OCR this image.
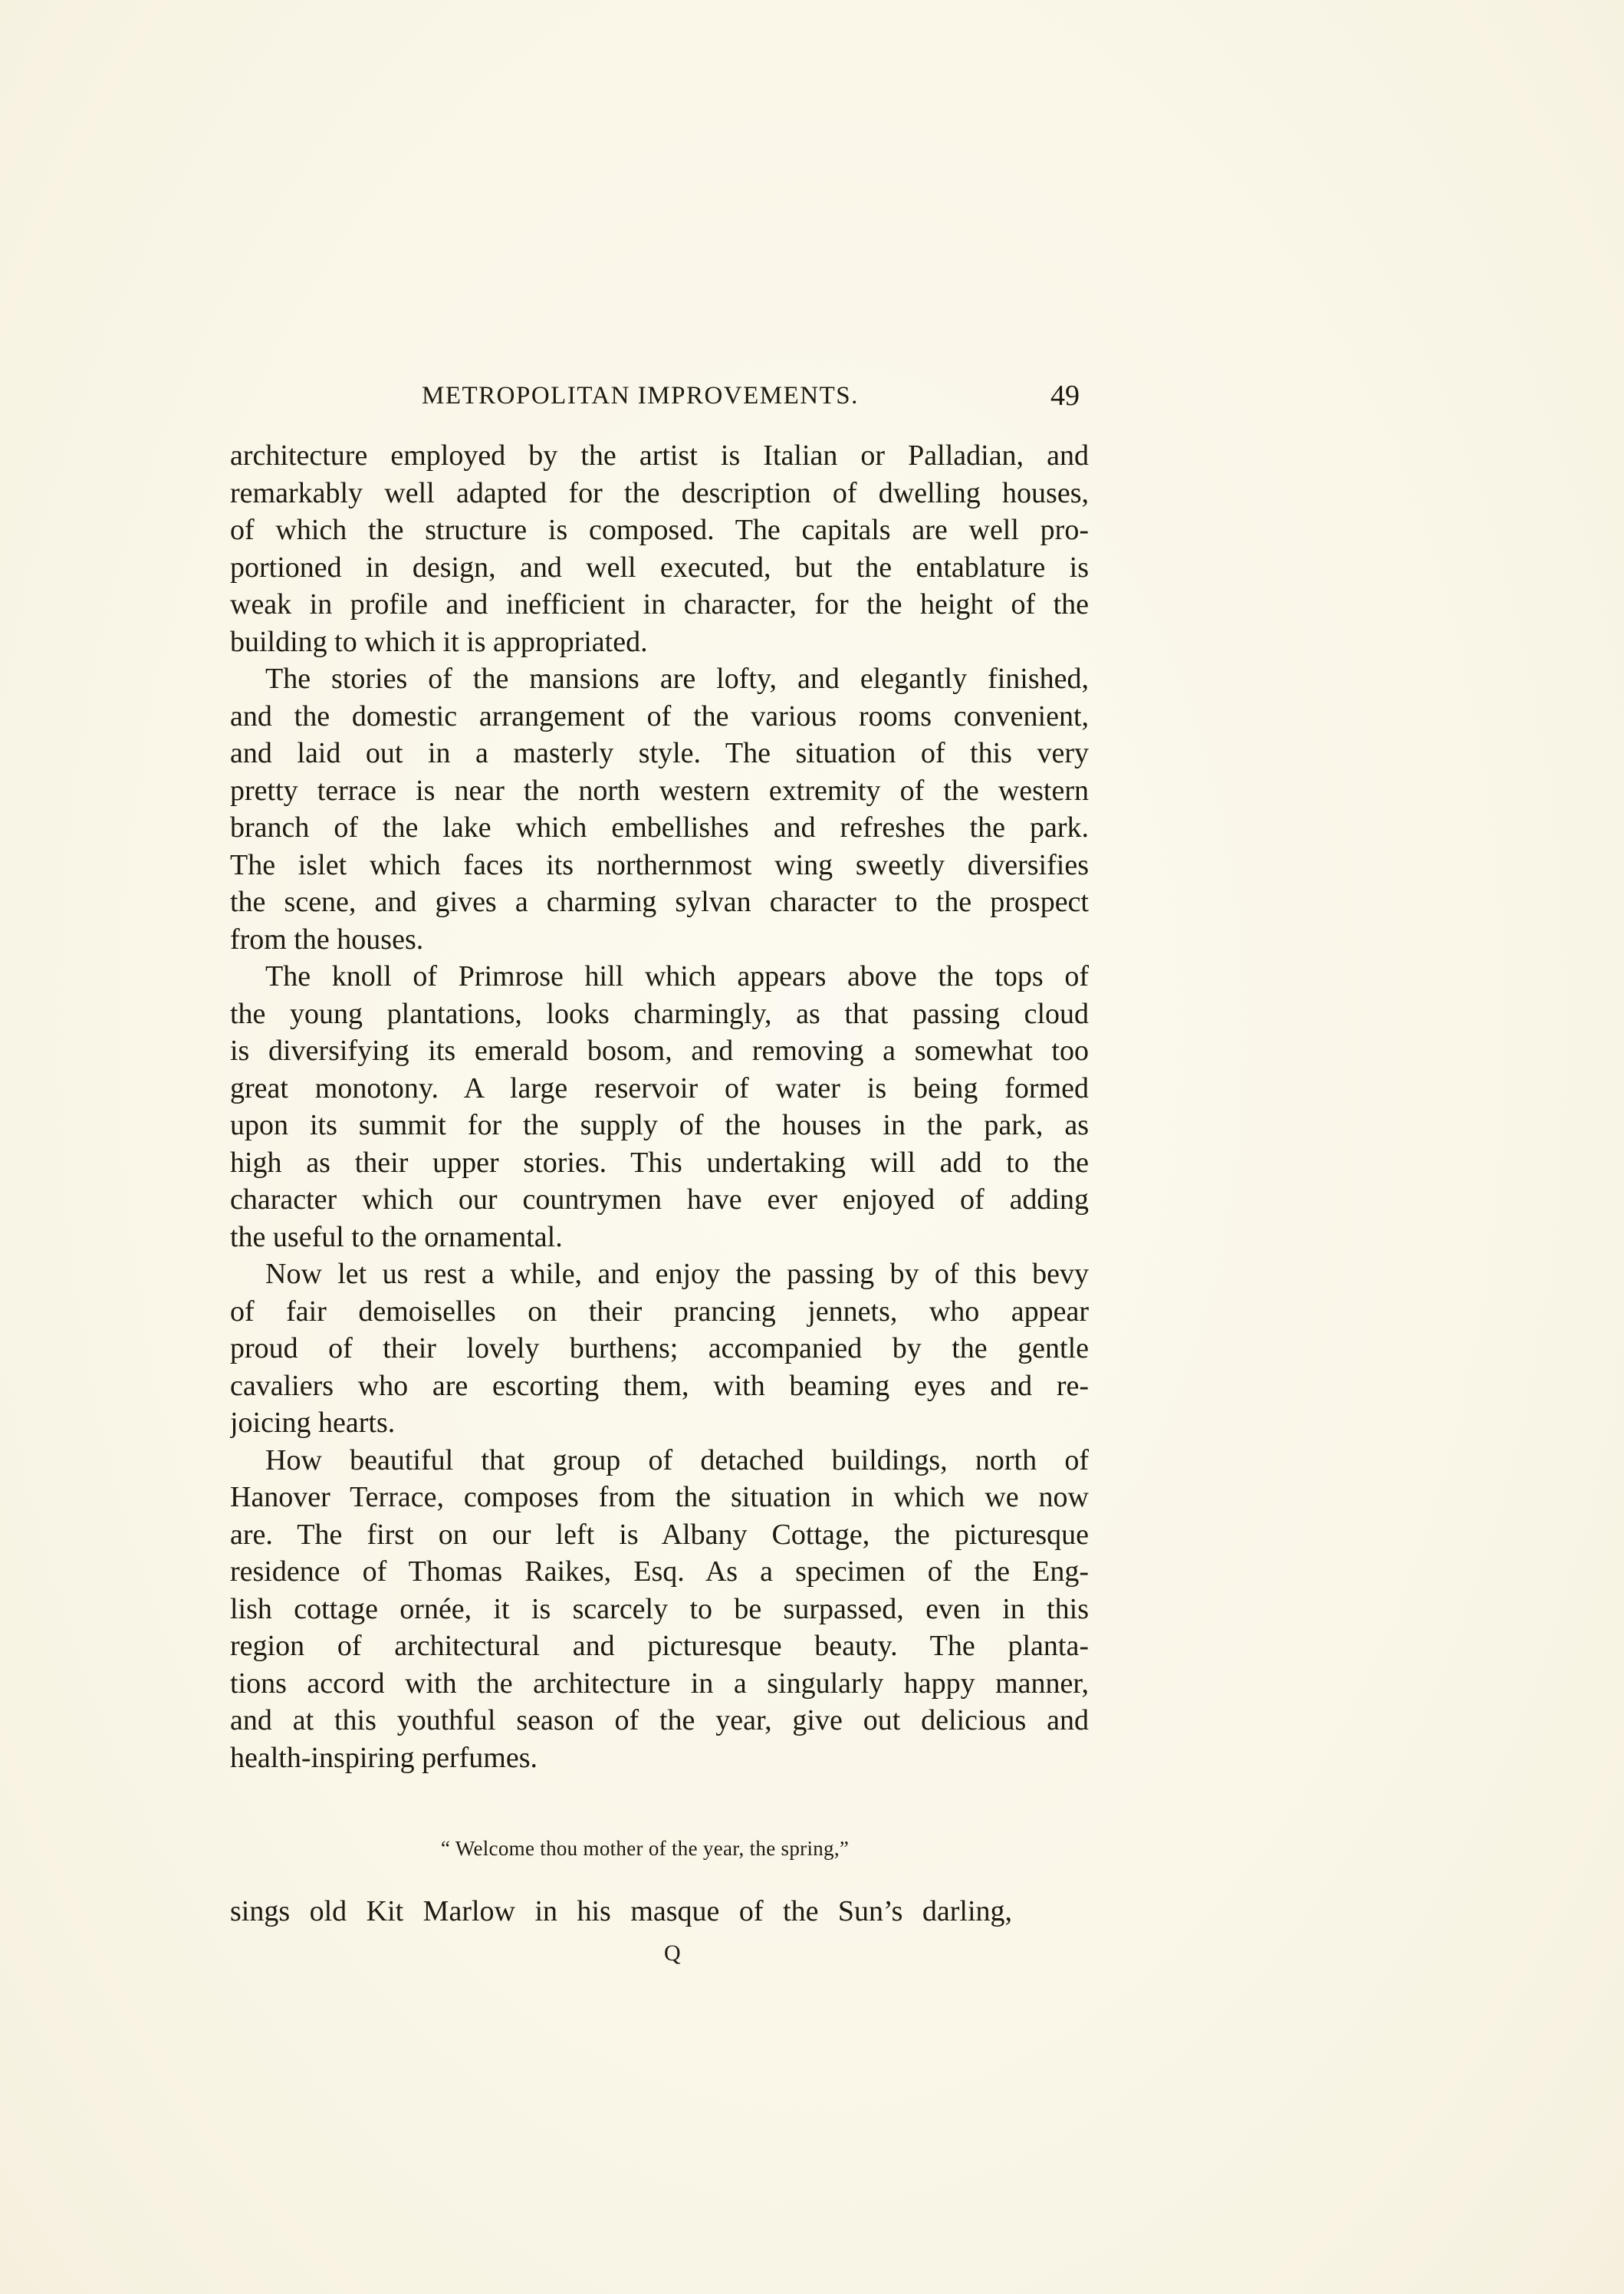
METROPOLITAN IMPROVEMENTS.	49
architecture employed by the artist is Italian or Palladian, and
remarkably well adapted for the description of dwelling houses,
of which the structure is composed. The capitals are well pro-
portioned in design, and well executed, but the entablature is
weak in profile and inefficient in character, for the height of the
building to which it is appropriated.
The stories of the mansions are lofty, and elegantly finished,
and the domestic arrangement of the various rooms convenient,
and laid out in a masterly style. The situation of this very
pretty terrace is near the north western extremity of the western
branch of the lake which embellishes and refreshes the park.
The islet which faces its northernmost wing sweetly diversifies
the scene, and gives a charming sylvan character to the prospect
from the houses.
The knoll of Primrose hill which appears above the tops of
the young plantations, looks charmingly, as that passing cloud
is diversifying its emerald bosom, and removing a somewhat too
great monotony. A large reservoir of water is being formed
upon its summit for the supply of the houses in the park, as
high as their upper stories. This undertaking will add to the
character which our countrymen have ever enjoyed of adding
the useful to the ornamental.
Now let us rest a while, and enjoy the passing by of this bevy
of fair demoiselles on their prancing jennets, who appear
proud of their lovely burthens; accompanied by the gentle
cavaliers who are escorting them, with beaming eyes and re-
joicing hearts.
How beautiful that group of detached buildings, north of
Hanover Terrace, composes from the situation in which we now
are. The first on our left is Albany Cottage, the picturesque
residence of Thomas Raikes, Esq. As a specimen of the Eng-
lish cottage ornée, it is scarcely to be surpassed, even in this
region of architectural and picturesque beauty. The planta-
tions accord with the architecture in a singularly happy manner,
and at this youthful season of the year, give out delicious and
health-inspiring perfumes.
“ Welcome thou mother of the year, the spring,”
sings old Kit Marlow in his masque of the Sun’s darling,
Q
